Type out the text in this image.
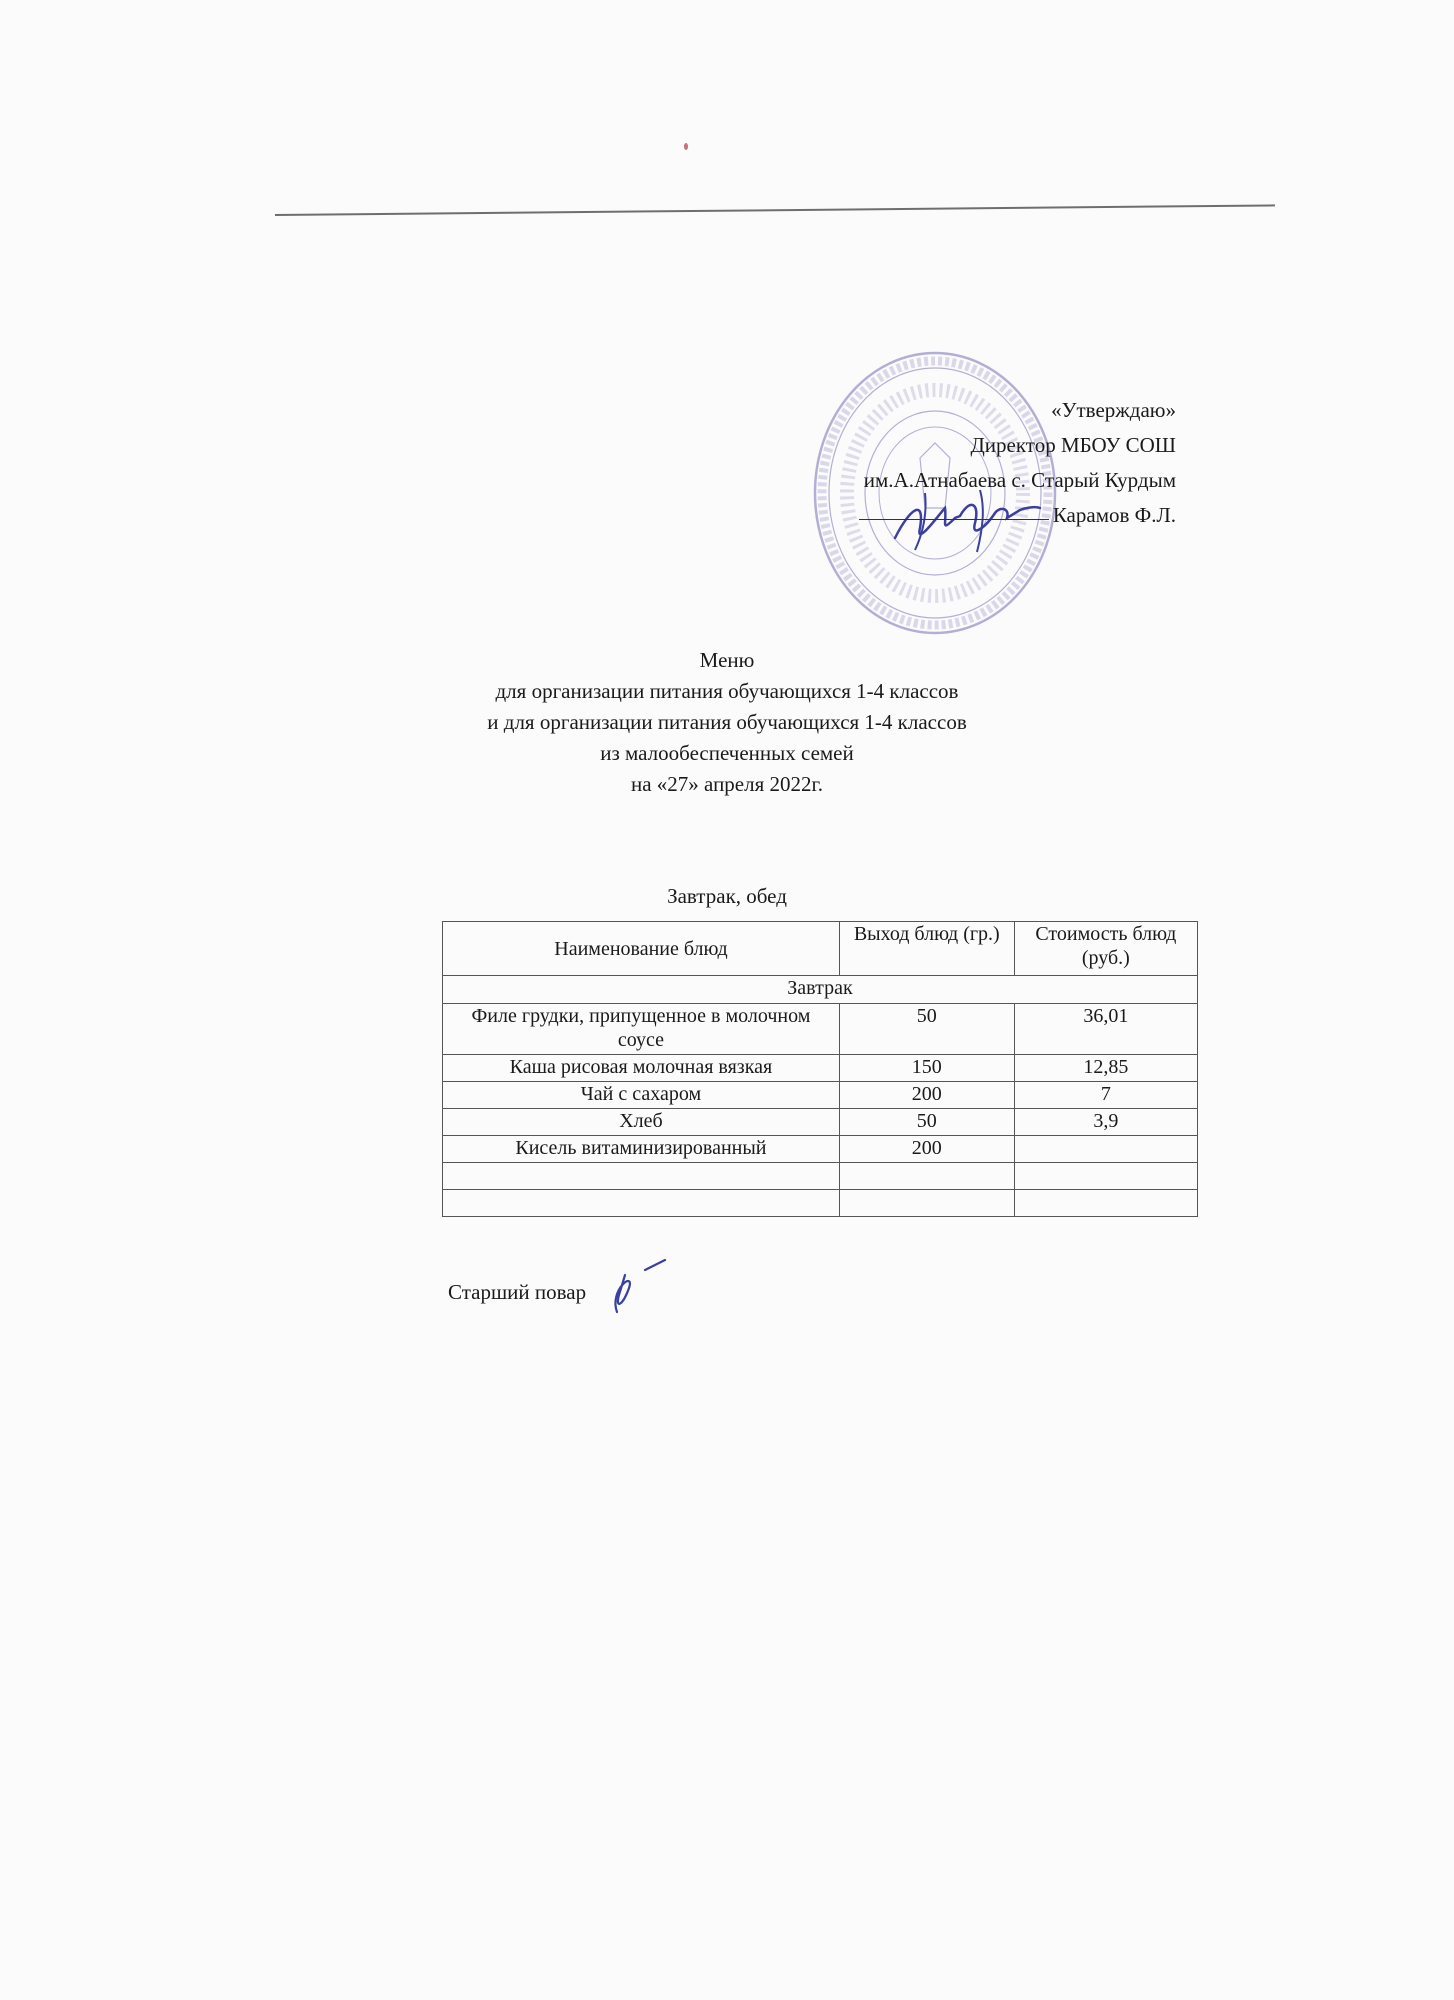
«Утверждаю»
Директор МБОУ СОШ
им.А.Атнабаева с. Старый Курдым
Карамов Ф.Л.
Меню
для организации питания обучающихся 1-4 классов
и для организации питания обучающихся 1-4 классов
из малообеспеченных семей
на «27» апреля 2022г.
Завтрак, обед
Наименование блюд	Выход блюд (гр.)	Стоимость блюд (руб.)
Завтрак		
Филе грудки, припущенное в молочном соусе	50	36,01
Каша рисовая молочная вязкая	150	12,85
Чай с сахаром	200	7
Хлеб	50	3,9
Кисель витаминизированный	200	

Старший повар
